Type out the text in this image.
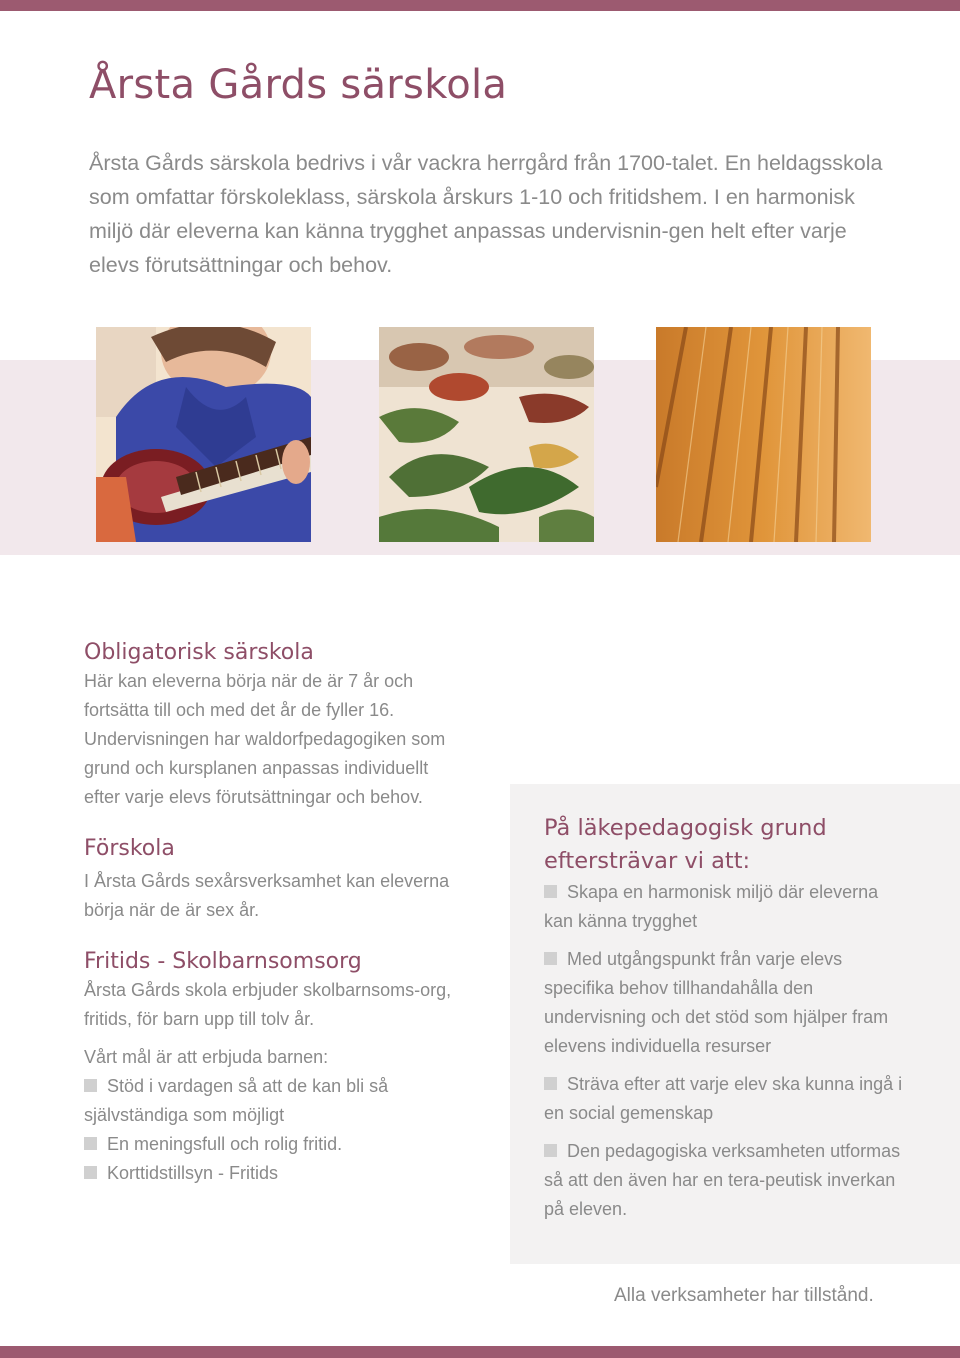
Årsta Gårds särskola

Årsta Gårds särskola bedrivs i vår vackra herrgård från 1700-talet. En heldagsskola som omfattar förskoleklass, särskola årskurs 1-10 och fritidshem. I en harmonisk miljö där eleverna kan känna trygghet anpassas undervisnin-gen helt efter varje elevs förutsättningar och behov.

Obligatorisk särskola

Här kan eleverna börja när de är 7 år och fortsätta till och med det år de fyller 16. Undervisningen har waldorfpedagogiken som grund och kursplanen anpassas individuellt efter varje elevs förutsättningar och behov.

Förskola

I Årsta Gårds sexårsverksamhet kan eleverna börja när de är sex år.

Fritids - Skolbarnsomsorg

Årsta Gårds skola erbjuder skolbarnsoms-org, fritids, för barn upp till tolv år.

Vårt mål är att erbjuda barnen:

Stöd i vardagen så att de kan bli så självständiga som möjligt
En meningsfull och rolig fritid.
Korttidstillsyn - Fritids
På läkepedagogisk grund eftersträvar vi att:
Skapa en harmonisk miljö där eleverna kan känna trygghet
Med utgångspunkt från varje elevs specifika behov tillhandahålla den undervisning och det stöd som hjälper fram elevens individuella resurser
Sträva efter att varje elev ska kunna ingå i en social gemenskap
Den pedagogiska verksamheten utformas så att den även har en tera-peutisk inverkan på eleven.

Alla verksamheter har tillstånd.
